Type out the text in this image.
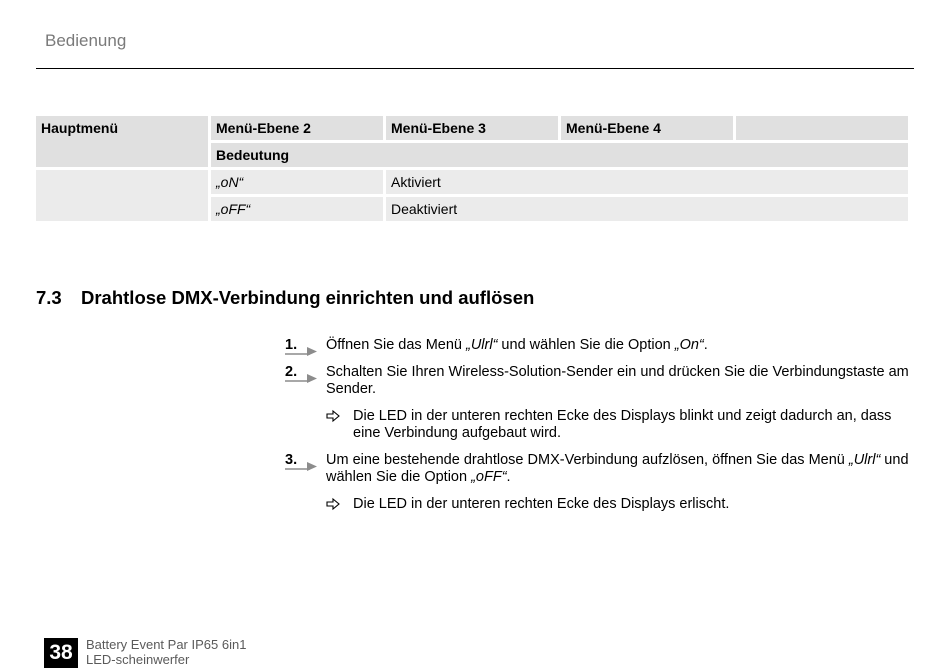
Bedienung
Hauptmenü	Menü-Ebene 2	Menü-Ebene 3	Menü-Ebene 4	
	Bedeutung			
	„oN“	Aktiviert		
	„oFF“	Deaktiviert		
7.3 Drahtlose DMX-Verbindung einrichten und auflösen
1.	Öffnen Sie das Menü „Ulrl“ und wählen Sie die Option „On“.
2.	Schalten Sie Ihren Wireless-Solution-Sender ein und drücken Sie die Verbindungstaste am Sender.
Die LED in der unteren rechten Ecke des Displays blinkt und zeigt dadurch an, dass eine Verbindung aufgebaut wird.
3.	Um eine bestehende drahtlose DMX-Verbindung aufzlösen, öffnen Sie das Menü „Ulrl“ und wählen Sie die Option „oFF“.
Die LED in der unteren rechten Ecke des Displays erlischt.
38	Battery Event Par IP65 6in1
LED-scheinwerfer
